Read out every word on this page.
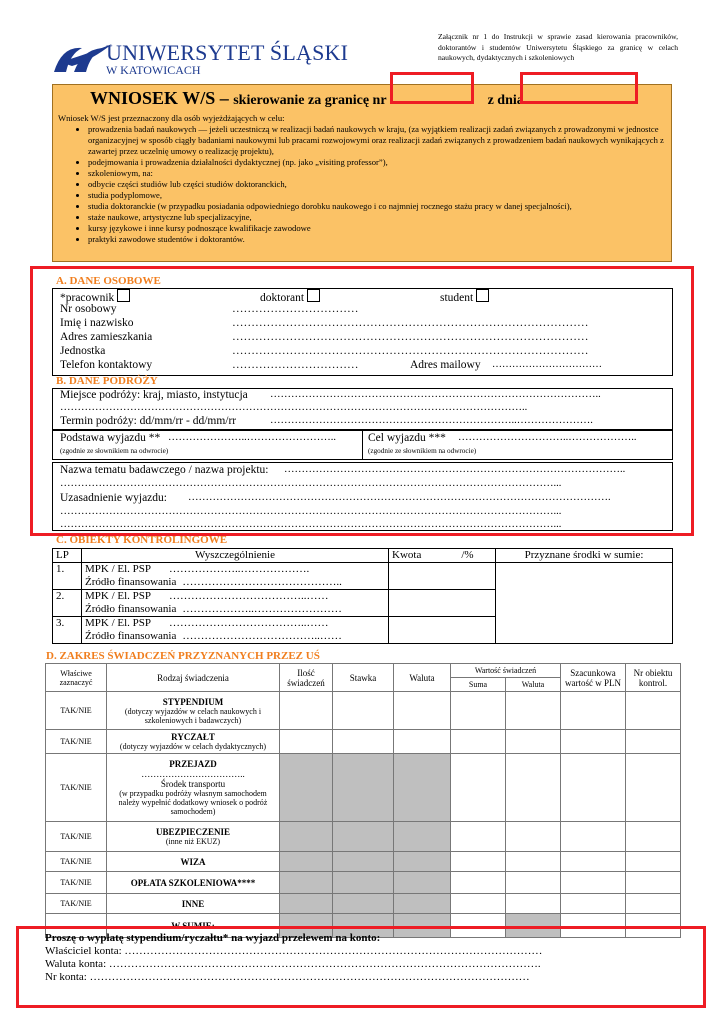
Załącznik nr 1 do Instrukcji w sprawie zasad kierowania pracowników, doktorantów i studentów Uniwersytetu Śląskiego za granicę w celach naukowych, dydaktycznych i szkoleniowych
UNIWERSYTET ŚLĄSKI
W KATOWICACH
WNIOSEK W/S – skierowanie za granicę nr	z dnia
Wniosek W/S jest przeznaczony dla osób wyjeżdżających w celu:
• prowadzenia badań naukowych — jeżeli uczestniczą w realizacji badań naukowych w kraju, (za wyjątkiem realizacji zadań związanych z prowadzonymi w jednostce organizacyjnej w sposób ciągły badaniami naukowymi lub pracami rozwojowymi oraz realizacji zadań związanych z prowadzeniem badań naukowych wynikających z zawartej przez uczelnię umowy o realizację projektu),
• podejmowania i prowadzenia działalności dydaktycznej (np. jako „visiting professor”),
• szkoleniowym, na:
• odbycie części studiów lub części studiów doktoranckich,
• studia podyplomowe,
• studia doktoranckie (w przypadku posiadania odpowiedniego dorobku naukowego i co najmniej rocznego stażu pracy w danej specjalności),
• staże naukowe, artystyczne lub specjalizacyjne,
• kursy językowe i inne kursy podnoszące kwalifikacje zawodowe
• praktyki zawodowe studentów i doktorantów.
A. DANE OSOBOWE
*pracownik	doktorant	student
Nr osobowy	……………………………
Imię i nazwisko	…………………………………………………………………………………
Adres zamieszkania	…………………………………………………………………………………
Jednostka	…………………………………………………………………………………
Telefon kontaktowy	……………………………	Adres mailowy ……………………………
B. DANE PODRÓŻY
Miejsce podróży: kraj, miasto, instytucja …………………………………………………………………………………..
……………………………………………………………………………………………………………………..
Termin podróży: dd/mm/rr - dd/mm/rr	……………………………………………………………..………………….
Podstawa wyjazdu ** …………………..……………………..
(zgodnie ze słownikiem na odwrocie)
Cel wyjazdu *** …………………………..………………..
(zgodnie ze słownikiem na odwrocie)
Nazwa tematu badawczego / nazwa projektu: ……………………………………………………………………………………..
……………………………………………………………………………………………………………………………...
Uzasadnienie wyjazdu: ………………………………………………………………………………………………………….
……………………………………………………………………………………………………………………………...
……………………………………………………………………………………………………………………………...
C. OBIEKTY KONTROLINGOWE
LP	Wyszczególnienie	Kwota /%	Przyznane środki w sumie:
1.	MPK / El. PSP ………………..……………….		
	Źródło finansowania ……………………………………..		
2.	MPK / El. PSP ………………………………..……		
	Źródło finansowania ………………..……………………		
3.	MPK / El. PSP ………………………………..……		
	Źródło finansowania ………………………………..……		
D. ZAKRES ŚWIADCZEŃ PRZYZNANYCH PRZEZ UŚ
Właściwe zaznaczyć	Rodzaj świadczenia	Ilość świadczeń	Stawka	Waluta	Wartość świadczeń		Szacunkowa wartość w PLN	Nr obiektu kontrol.
					Suma	Waluta		
TAK/NIE	STYPENDIUM
(dotyczy wyjazdów w celach naukowych i szkoleniowych i badawczych)							
TAK/NIE	RYCZAŁT
(dotyczy wyjazdów w celach dydaktycznych)							
TAK/NIE	PRZEJAZD
……………………………..
Środek transportu
(w przypadku podróży własnym samochodem należy wypełnić dodatkowy wniosek o podróż samochodem)							
TAK/NIE	UBEZPIECZENIE
(inne niż EKUZ)							
TAK/NIE	WIZA							
TAK/NIE	OPŁATA SZKOLENIOWA****							
TAK/NIE	INNE							
	W SUMIE:							
Proszę o wypłatę stypendium/ryczałtu* na wyjazd przelewem na konto:
Właściciel konta: ……………………………………………………………………………………………………
Waluta konta: ……………………………………………………………………………………………………….
Nr konta: …………………………………………………………………………………………………………
